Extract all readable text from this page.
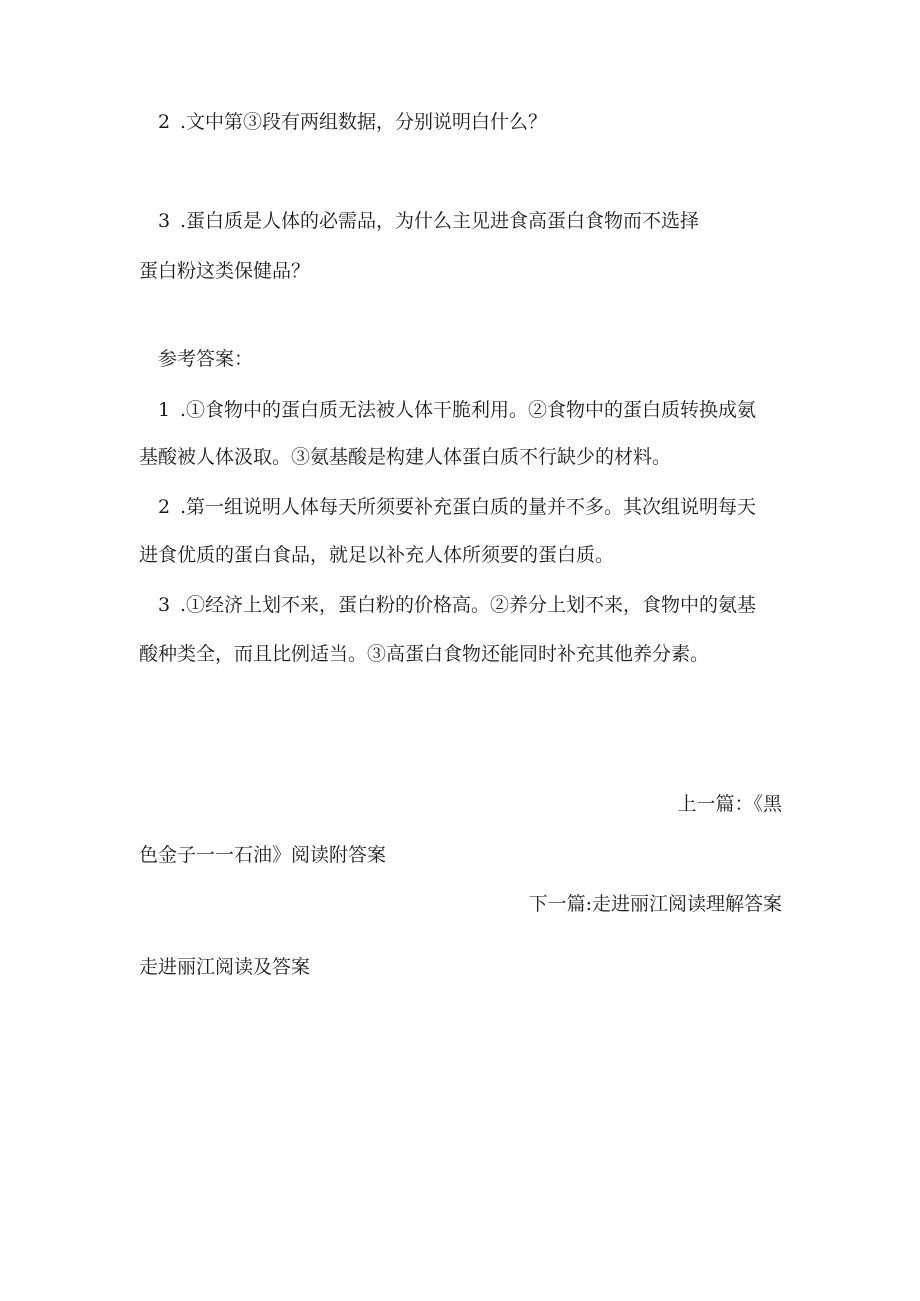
2 .文中第③段有两组数据，分别说明白什么？

3 .蛋白质是人体的必需品，为什么主见进食高蛋白食物而不选择

蛋白粉这类保健品？

参考答案：

1 .①食物中的蛋白质无法被人体干脆利用。②食物中的蛋白质转换成氨

基酸被人体汲取。③氨基酸是构建人体蛋白质不行缺少的材料。

2 .第一组说明人体每天所须要补充蛋白质的量并不多。其次组说明每天

进食优质的蛋白食品，就足以补充人体所须要的蛋白质。

3 .①经济上划不来，蛋白粉的价格高。②养分上划不来，食物中的氨基

酸种类全，而且比例适当。③高蛋白食物还能同时补充其他养分素。

上一篇：《黑

色金子一一石油》阅读附答案

下一篇:走进丽江阅读理解答案

走进丽江阅读及答案
